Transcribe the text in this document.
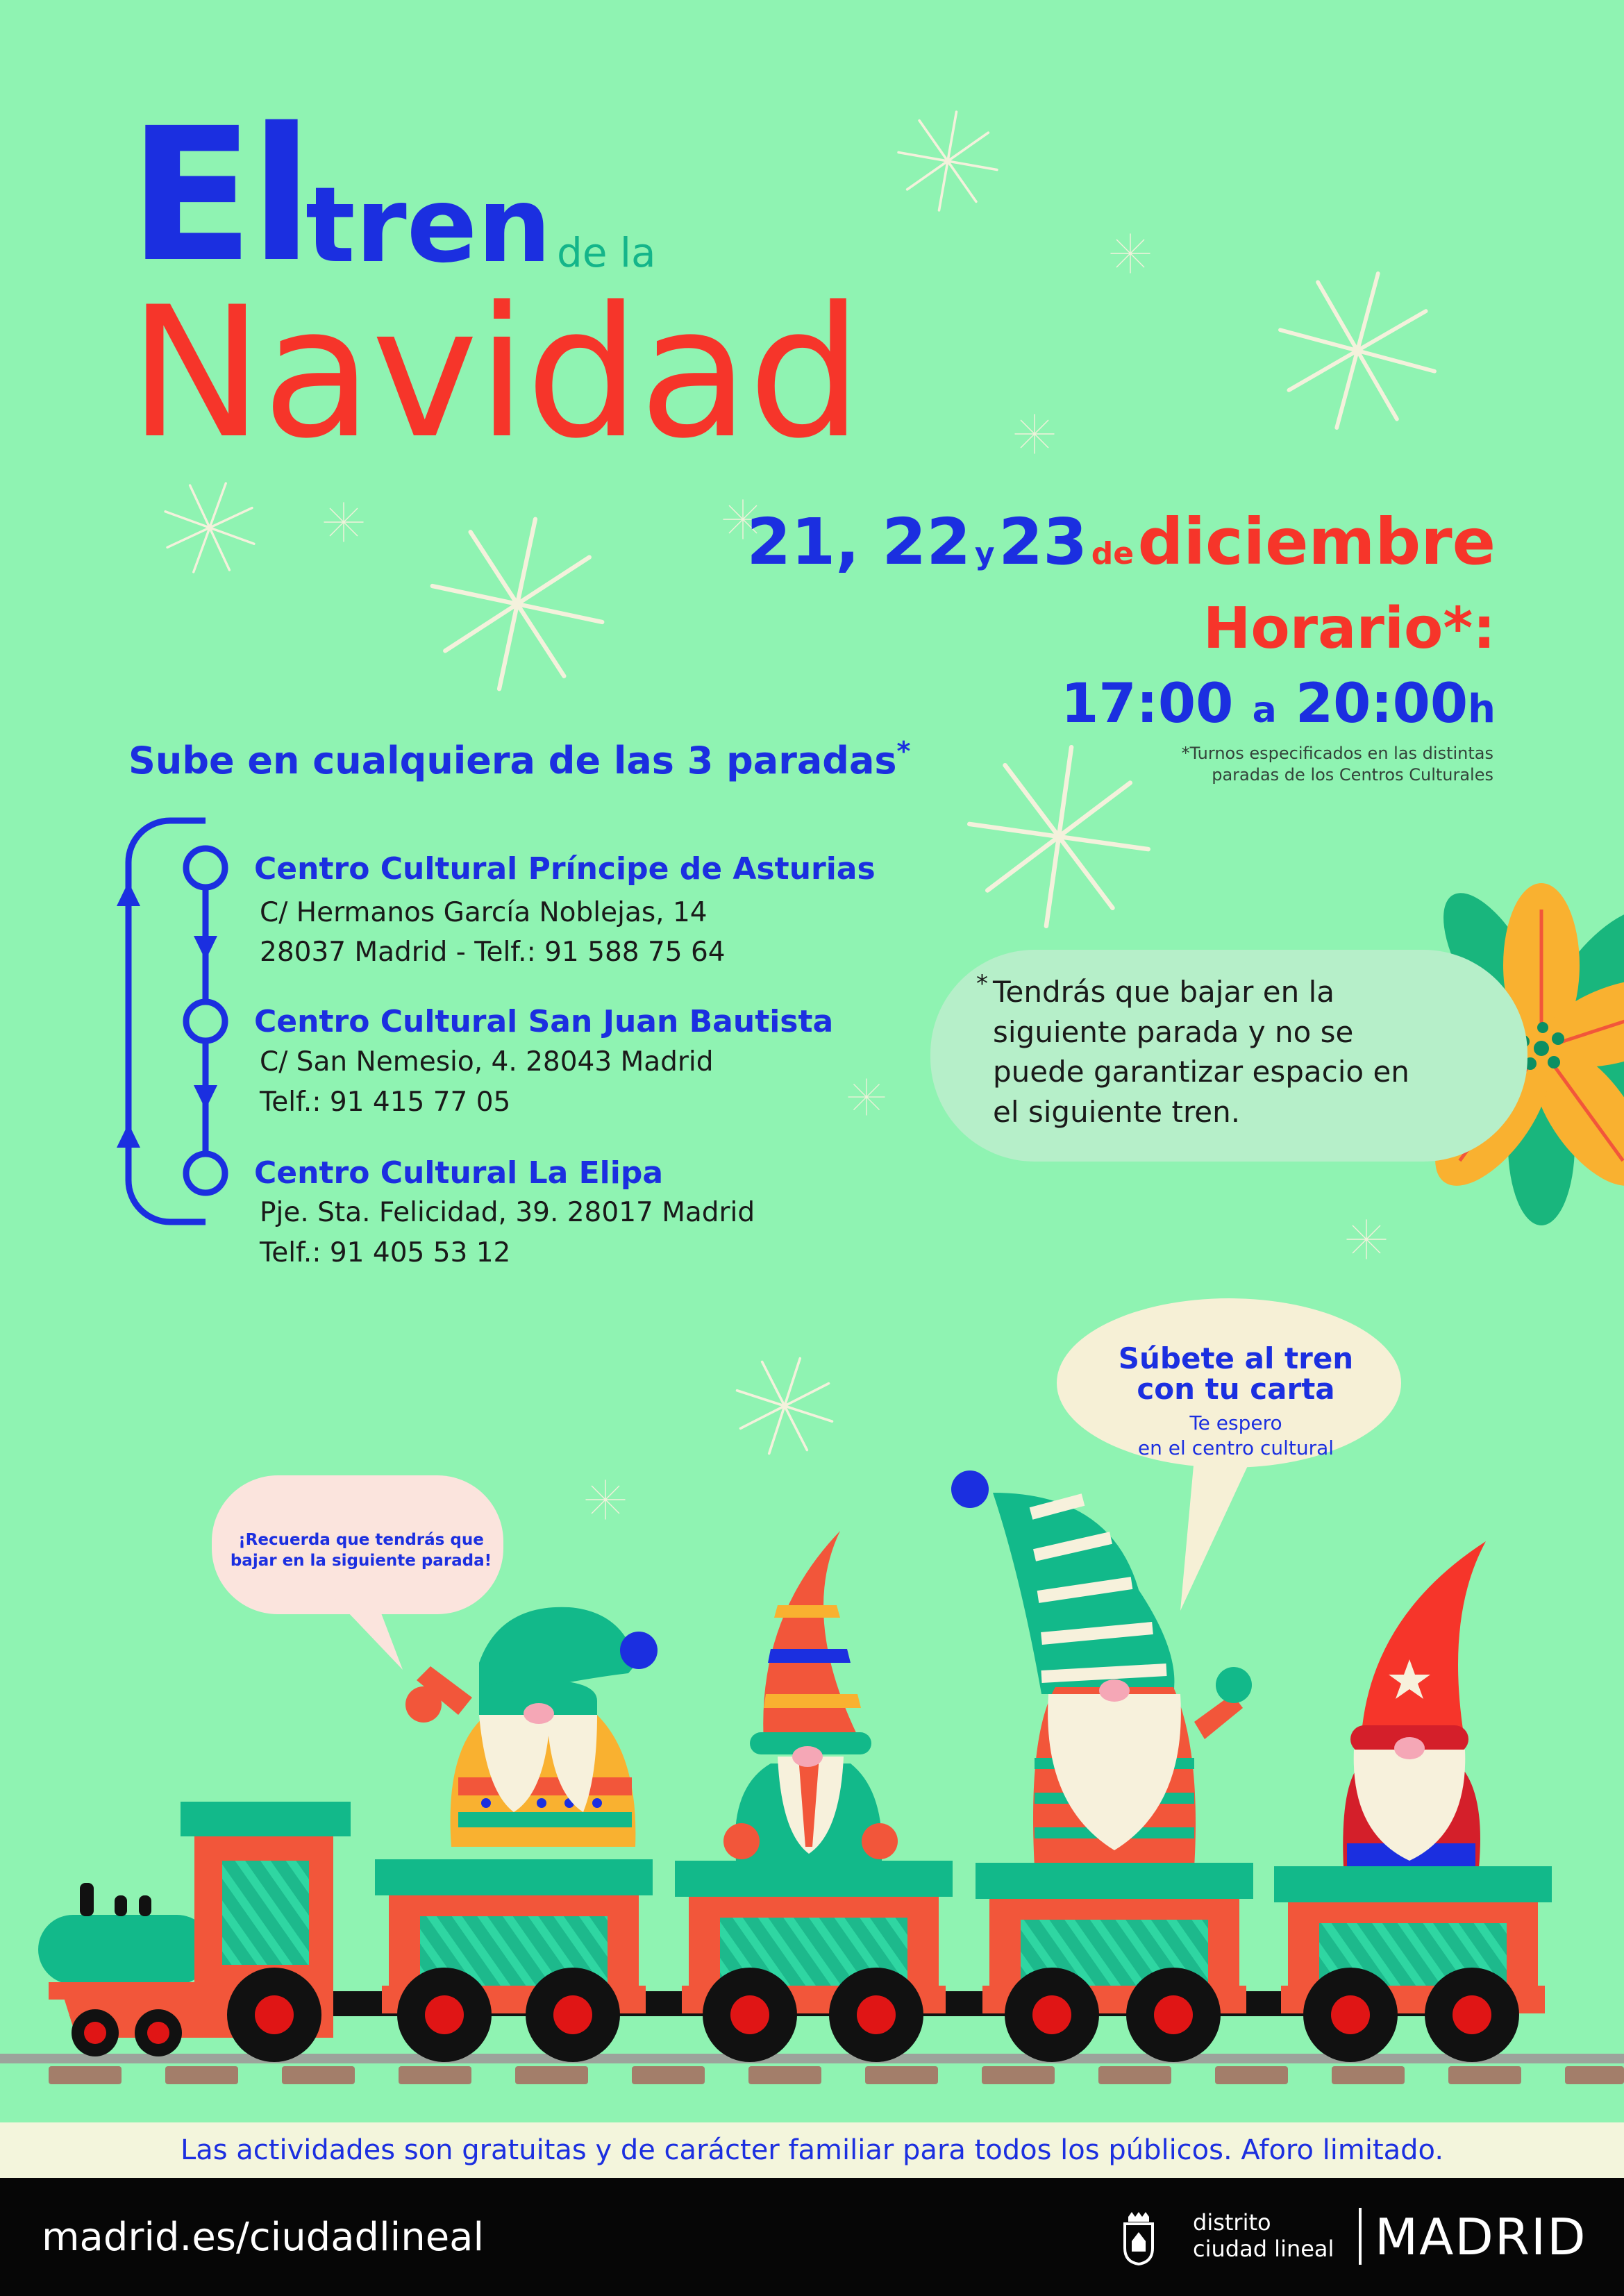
El
tren de la
Navidad
21, 22 y 23 de diciembre
Horario*:
17:00 a 20:00h
*Turnos especificados en las distintas
paradas de los Centros Culturales
Sube en cualquiera de las 3 paradas*
Centro Cultural Príncipe de Asturias
C/ Hermanos García Noblejas, 14
28037 Madrid - Telf.: 91 588 75 64
Centro Cultural San Juan Bautista
C/ San Nemesio, 4. 28043 Madrid
Telf.: 91 415 77 05
Centro Cultural La Elipa
Pje. Sta. Felicidad, 39. 28017 Madrid
Telf.: 91 405 53 12
* Tendrás que bajar en la siguiente parada y no se puede garantizar espacio en el siguiente tren.
Súbete al tren
con tu carta
Te espero
en el centro cultural
¡Recuerda que tendrás que
bajar en la siguiente parada!
Las actividades son gratuitas y de carácter familiar para todos los públicos. Aforo limitado.
madrid.es/ciudadlineal	distrito
ciudad lineal MADRID
